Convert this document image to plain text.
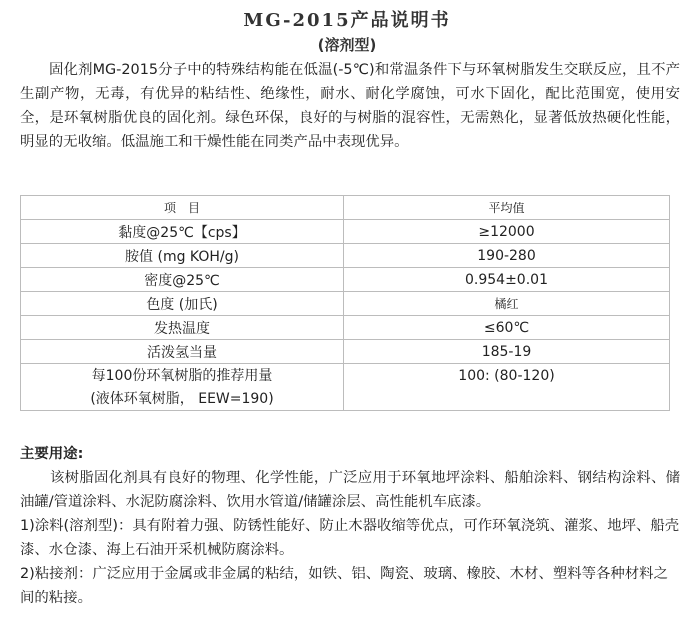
MG-2015产品说明书
(溶剂型)
固化剂MG-2015分子中的特殊结构能在低温(-5℃)和常温条件下与环氧树脂发生交联反应，且不产生副产物，无毒，有优异的粘结性、绝缘性，耐水、耐化学腐蚀，可水下固化，配比范围宽，使用安全，是环氧树脂优良的固化剂。绿色环保，良好的与树脂的混容性，无需熟化，显著低放热硬化性能，明显的无收缩。低温施工和干燥性能在同类产品中表现优异。
项　目	平均值
黏度@25℃【cps】	≥12000
胺值 (mg KOH/g)	190-280
密度@25℃	0.954±0.01
色度 (加氏)	橘红
发热温度	≤60℃
活泼氢当量	185-19

每100份环氧树脂的推荐用量
(液体环氧树脂， EEW=190)	100: (80-120)

主要用途:

该树脂固化剂具有良好的物理、化学性能，广泛应用于环氧地坪涂料、船舶涂料、钢结构涂料、储油罐/管道涂料、水泥防腐涂料、饮用水管道/储罐涂层、高性能机车底漆。

1)涂料(溶剂型)：具有附着力强、防锈性能好、防止木器收缩等优点，可作环氧浇筑、灌浆、地坪、船壳漆、水仓漆、海上石油开采机械防腐涂料。

2)粘接剂：广泛应用于金属或非金属的粘结，如铁、铝、陶瓷、玻璃、橡胶、木材、塑料等各种材料之间的粘接。
